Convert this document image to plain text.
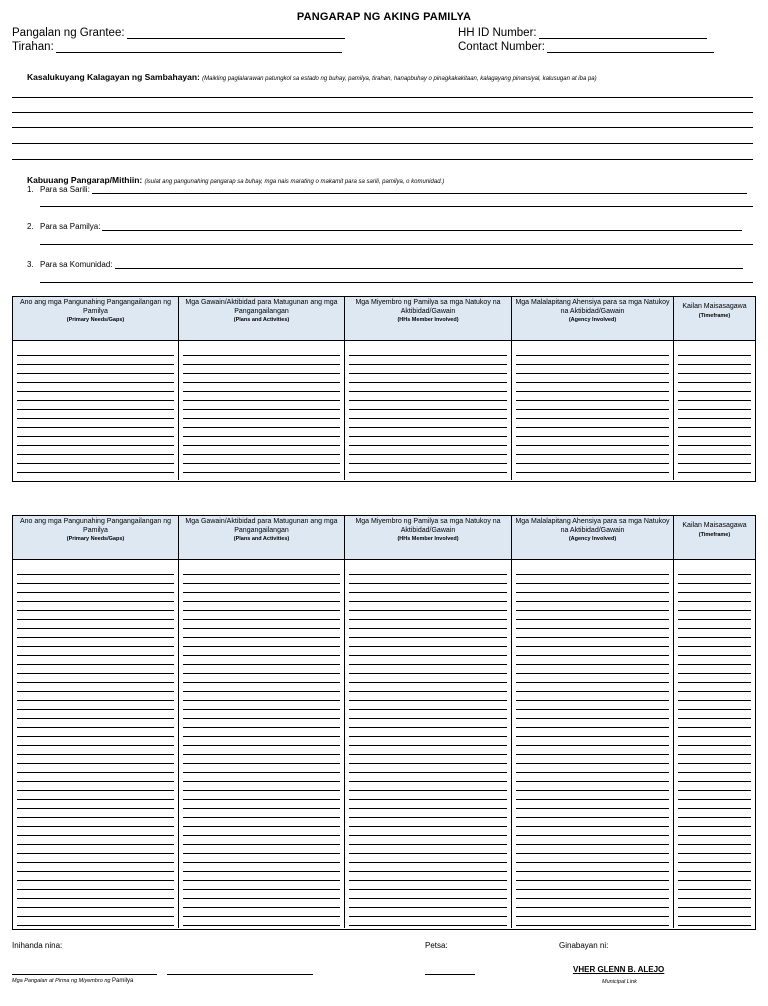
PANGARAP NG AKING PAMILYA
Pangalan ng Grantee:
Tirahan:
HH ID Number:
Contact Number:
Kasalukuyang Kalagayan ng Sambahayan: (Maikling paglalarawan patungkol sa estado ng buhay, pamilya, tirahan, hanapbuhay o pinagkakakitaan, kalagayang pinansiyal, kalusugan at iba pa)
Kabuuang Pangarap/Mithiin: (isulat ang pangunahing pangarap sa buhay, mga nais marating o makamit para sa sarili, pamilya, o komunidad.)
1. Para sa Sarili:
2. Para sa Pamilya:
3. Para sa Komunidad:
Ano ang mga Pangunahing Pangangailangan ng Pamilya
(Primary Needs/Gaps)
Mga Gawain/Aktibidad para Matugunan ang mga Pangangailangan
(Plans and Activities)
Mga Miyembro ng Pamilya sa mga Natukoy na Aktibidad/Gawain
(HHs Member Involved)
Mga Malalapitang Ahensiya para sa mga Natukoy na Aktibidad/Gawain
(Agency Involved)
Kailan Maisasagawa
(Timeframe)
Ano ang mga Pangunahing Pangangailangan ng Pamilya
(Primary Needs/Gaps)
Mga Gawain/Aktibidad para Matugunan ang mga Pangangailangan
(Plans and Activities)
Mga Miyembro ng Pamilya sa mga Natukoy na Aktibidad/Gawain
(HHs Member Involved)
Mga Malalapitang Ahensiya para sa mga Natukoy na Aktibidad/Gawain
(Agency Involved)
Kailan Maisasagawa
(Timeframe)
Inihanda nina:	Petsa:	Ginabayan ni:
Mga Pangalan at Pirma ng Miyembro ng Pamilya
VHER GLENN B. ALEJO
Municipal Link
